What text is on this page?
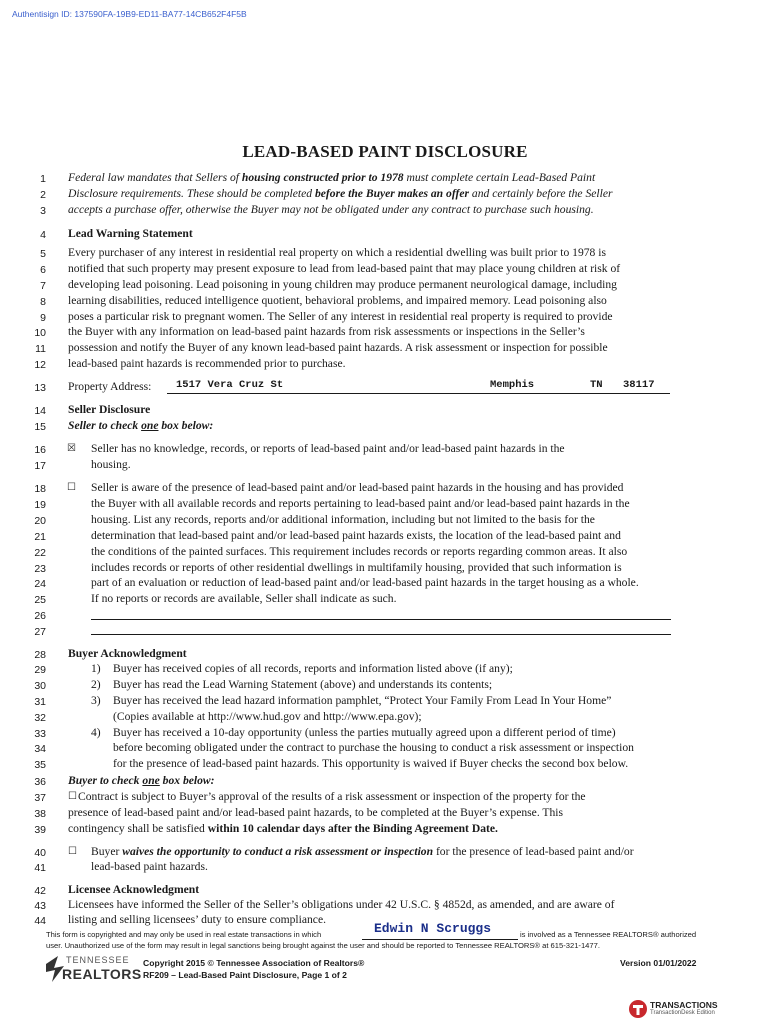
Authentisign ID: 137590FA-19B9-ED11-BA77-14CB652F4F5B
LEAD-BASED PAINT DISCLOSURE
1 Federal law mandates that Sellers of housing constructed prior to 1978 must complete certain Lead-Based Paint
2 Disclosure requirements. These should be completed before the Buyer makes an offer and certainly before the Seller
3 accepts a purchase offer, otherwise the Buyer may not be obligated under any contract to purchase such housing.
4 Lead Warning Statement
5 Every purchaser of any interest in residential real property on which a residential dwelling was built prior to 1978 is
6 notified that such property may present exposure to lead from lead-based paint that may place young children at risk of
7 developing lead poisoning. Lead poisoning in young children may produce permanent neurological damage, including
8 learning disabilities, reduced intelligence quotient, behavioral problems, and impaired memory. Lead poisoning also
9 poses a particular risk to pregnant women. The Seller of any interest in residential real property is required to provide
10 the Buyer with any information on lead-based paint hazards from risk assessments or inspections in the Seller’s
11 possession and notify the Buyer of any known lead-based paint hazards. A risk assessment or inspection for possible
12 lead-based paint hazards is recommended prior to purchase.
13 Property Address: 1517 Vera Cruz St	Memphis	TN 38117
14 Seller Disclosure
15 Seller to check one box below:
16 ☒ Seller has no knowledge, records, or reports of lead-based paint and/or lead-based paint hazards in the
17	housing.
18 ☐ Seller is aware of the presence of lead-based paint and/or lead-based paint hazards in the housing and has provided
19	the Buyer with all available records and reports pertaining to lead-based paint and/or lead-based paint hazards in the
20	housing. List any records, reports and/or additional information, including but not limited to the basis for the
21	determination that lead-based paint and/or lead-based paint hazards exists, the location of the lead-based paint and
22	the conditions of the painted surfaces. This requirement includes records or reports regarding common areas. It also
23	includes records or reports of other residential dwellings in multifamily housing, provided that such information is
24	part of an evaluation or reduction of lead-based paint and/or lead-based paint hazards in the target housing as a whole.
25	If no reports or records are available, Seller shall indicate as such.
26
27
28 Buyer Acknowledgment
29	1) Buyer has received copies of all records, reports and information listed above (if any);
30	2) Buyer has read the Lead Warning Statement (above) and understands its contents;
31	3) Buyer has received the lead hazard information pamphlet, “Protect Your Family From Lead In Your Home”
32	(Copies available at http://www.hud.gov and http://www.epa.gov);
33	4) Buyer has received a 10-day opportunity (unless the parties mutually agreed upon a different period of time)
34	before becoming obligated under the contract to purchase the housing to conduct a risk assessment or inspection
35	for the presence of lead-based paint hazards. This opportunity is waived if Buyer checks the second box below.
36 Buyer to check one box below:
37 ☐ Contract is subject to Buyer’s approval of the results of a risk assessment or inspection of the property for the
38 presence of lead-based paint and/or lead-based paint hazards, to be completed at the Buyer’s expense. This
39 contingency shall be satisfied within 10 calendar days after the Binding Agreement Date.
40 ☐ Buyer waives the opportunity to conduct a risk assessment or inspection for the presence of lead-based paint and/or
41	lead-based paint hazards.
42 Licensee Acknowledgment
43 Licensees have informed the Seller of the Seller’s obligations under 42 U.S.C. § 4852d, as amended, and are aware of
44 listing and selling licensees’ duty to ensure compliance.
This form is copyrighted and may only be used in real estate transactions in which	Edwin N Scruggs	is involved as a Tennessee REALTORS® authorized
user. Unauthorized use of the form may result in legal sanctions being brought against the user and should be reported to Tennessee REALTORS® at 615-321-1477.
TENNESSEE
REALTORS
Copyright 2015 © Tennessee Association of Realtors®
RF209 – Lead-Based Paint Disclosure, Page 1 of 2
Version 01/01/2022
TRANSACTIONS
TransactionDesk Edition
